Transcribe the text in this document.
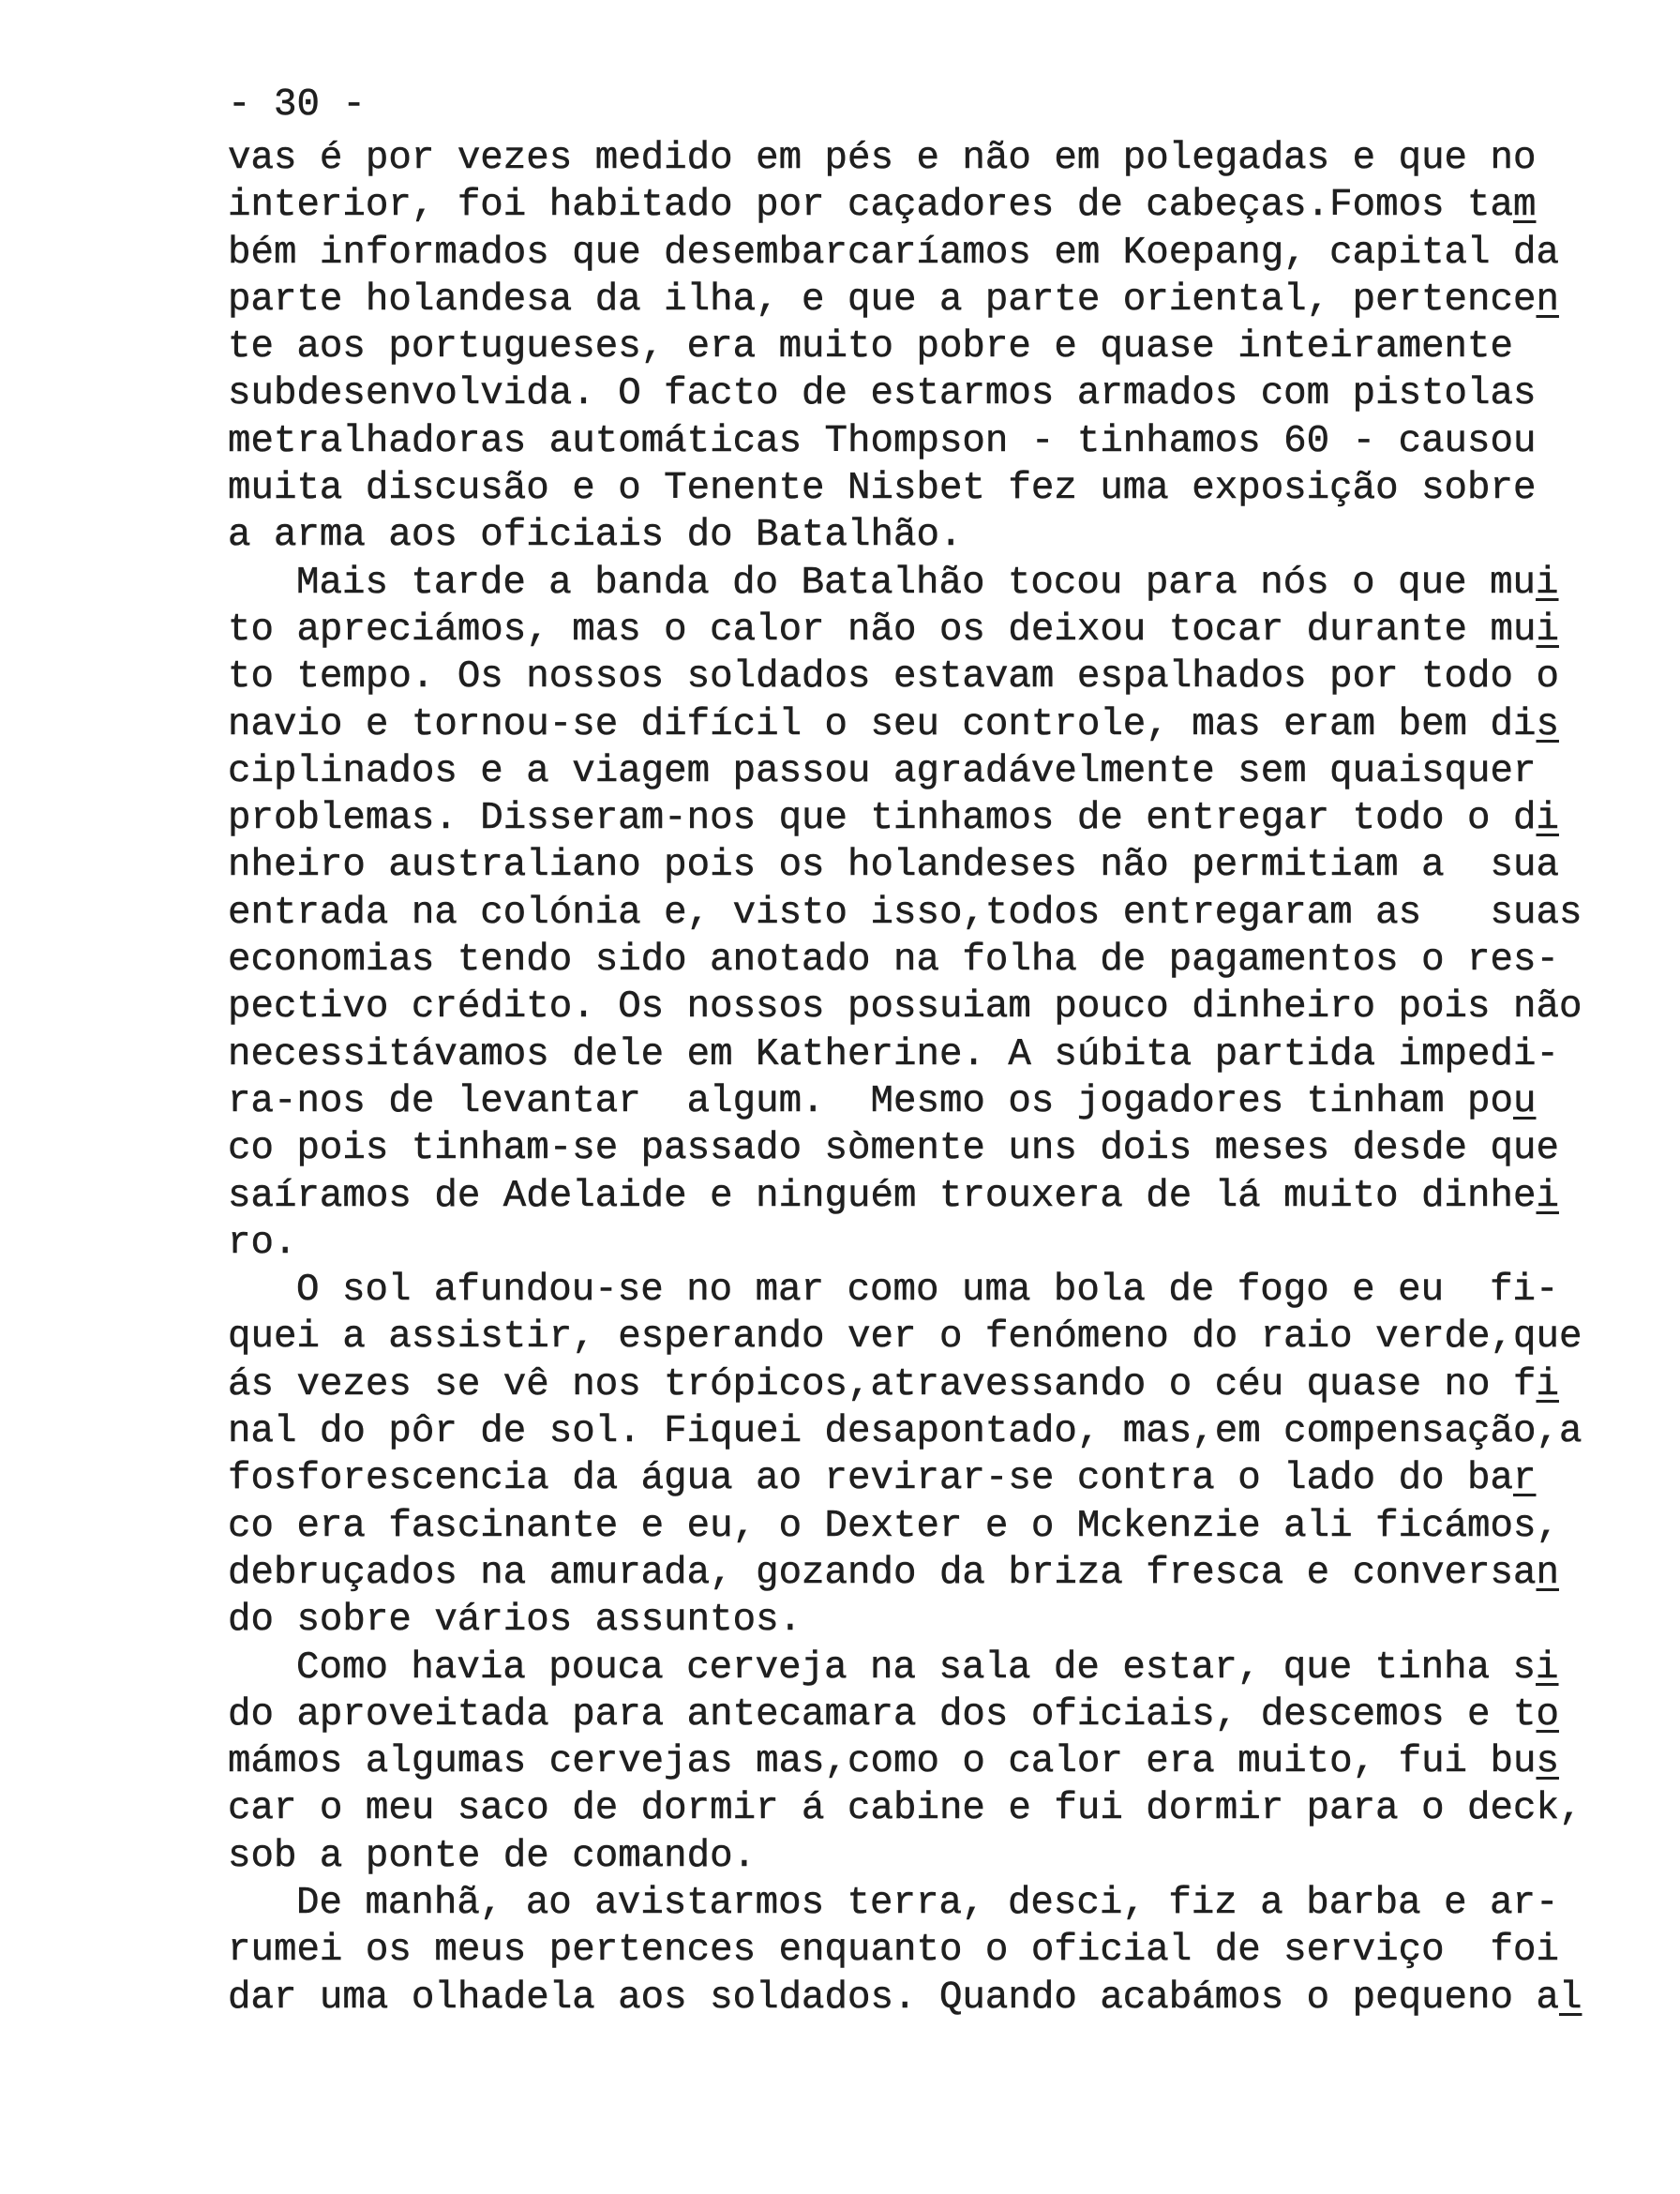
- 30 -
vas é por vezes medido em pés e não em polegadas e que no
interior, foi habitado por caçadores de cabeças.Fomos tam
bém informados que desembarcaríamos em Koepang, capital da
parte holandesa da ilha, e que a parte oriental, pertencen
te aos portugueses, era muito pobre e quase inteiramente
subdesenvolvida. O facto de estarmos armados com pistolas
metralhadoras automáticas Thompson - tinhamos 60 - causou
muita discusão e o Tenente Nisbet fez uma exposição sobre
a arma aos oficiais do Batalhão.
Mais tarde a banda do Batalhão tocou para nós o que mui
to apreciámos, mas o calor não os deixou tocar durante mui
to tempo. Os nossos soldados estavam espalhados por todo o
navio e tornou-se difícil o seu controle, mas eram bem dis
ciplinados e a viagem passou agradávelmente sem quaisquer
problemas. Disseram-nos que tinhamos de entregar todo o di
nheiro australiano pois os holandeses não permitiam a  sua
entrada na colónia e, visto isso,todos entregaram as   suas
economias tendo sido anotado na folha de pagamentos o res-
pectivo crédito. Os nossos possuiam pouco dinheiro pois não
necessitávamos dele em Katherine. A súbita partida impedi-
ra-nos de levantar  algum.  Mesmo os jogadores tinham pou
co pois tinham-se passado sòmente uns dois meses desde que
saíramos de Adelaide e ninguém trouxera de lá muito dinhei
ro.
O sol afundou-se no mar como uma bola de fogo e eu  fi-
quei a assistir, esperando ver o fenómeno do raio verde,que
ás vezes se vê nos trópicos,atravessando o céu quase no fi
nal do pôr de sol. Fiquei desapontado, mas,em compensação,a
fosforescencia da água ao revirar-se contra o lado do bar
co era fascinante e eu, o Dexter e o Mckenzie ali ficámos,
debruçados na amurada, gozando da briza fresca e conversan
do sobre vários assuntos.
Como havia pouca cerveja na sala de estar, que tinha si
do aproveitada para antecamara dos oficiais, descemos e to
mámos algumas cervejas mas,como o calor era muito, fui bus
car o meu saco de dormir á cabine e fui dormir para o deck,
sob a ponte de comando.
De manhã, ao avistarmos terra, desci, fiz a barba e ar-
rumei os meus pertences enquanto o oficial de serviço  foi
dar uma olhadela aos soldados. Quando acabámos o pequeno al
